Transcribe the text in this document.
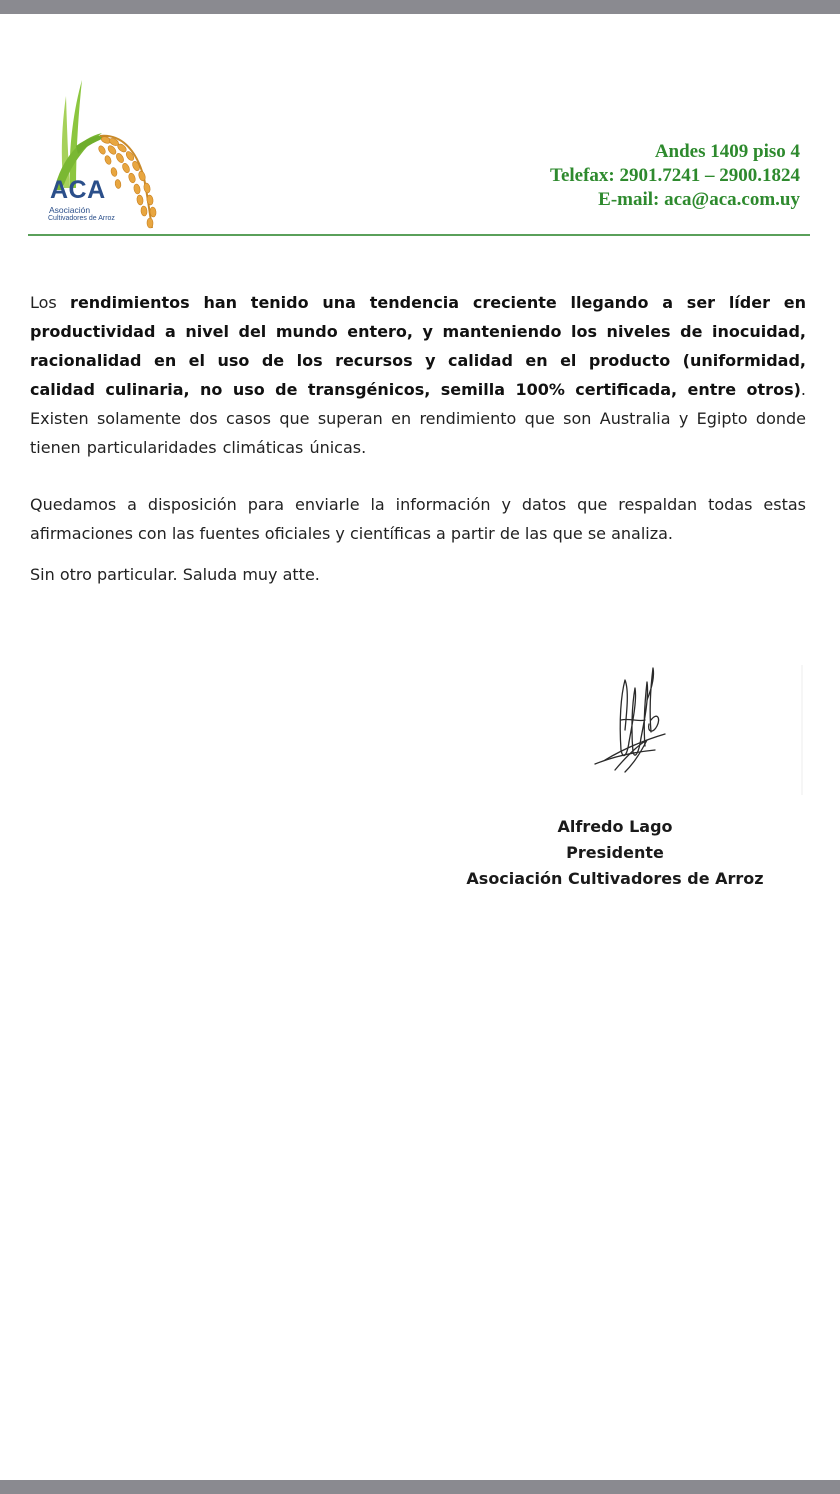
ACA
Asociación
Cultivadores de Arroz
Andes 1409 piso 4
Telefax: 2901.7241 – 2900.1824
E-mail: aca@aca.com.uy

Los rendimientos han tenido una tendencia creciente llegando a ser líder en productividad a nivel del mundo entero, y manteniendo los niveles de inocuidad, racionalidad en el uso de los recursos y calidad en el producto (uniformidad, calidad culinaria, no uso de transgénicos, semilla 100% certificada, entre otros). Existen solamente dos casos que superan en rendimiento que son Australia y Egipto donde tienen particularidades climáticas únicas.

Quedamos a disposición para enviarle la información y datos que respaldan todas estas afirmaciones con las fuentes oficiales y científicas a partir de las que se analiza.

Sin otro particular. Saluda muy atte.

Alfredo Lago
Presidente
Asociación Cultivadores de Arroz
